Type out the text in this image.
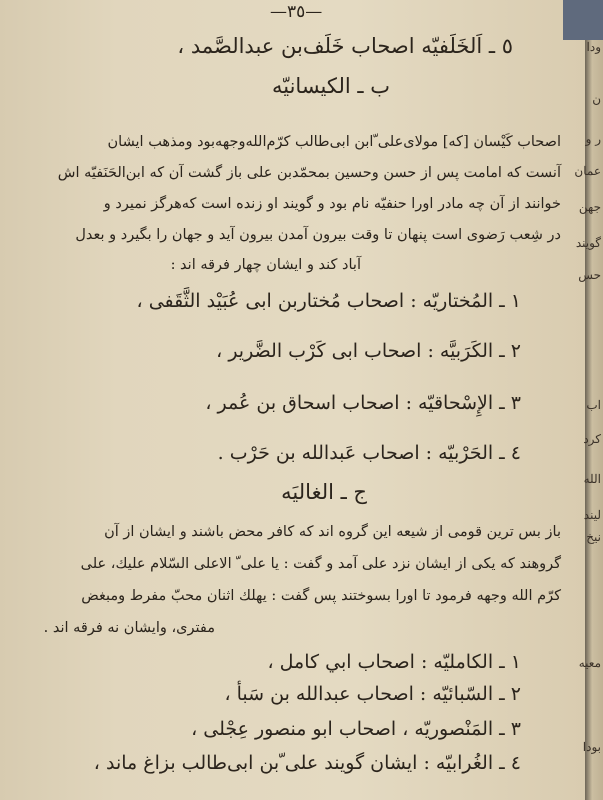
—٣٥—
٥ ـ اَلخَلَفيّه اصحاب خَلَف‌بن عبدالصَّمد ،
ب ـ الكيسانيّه
اصحاب كَيْسان [كه] مولاى‌على ّابن ابى‌طالب كرّم‌الله‌وجهه‌بود ومذهب ايشان
آنست كه امامت پس از حسن وحسين بمحمّدبن على باز گشت آن كه ابن‌الحَنَفيّه اش
خوانند از آن چه مادر اورا حنفيّه نام بود و گويند او زنده است كه‌هرگز نميرد و
در شِعب رَضوى است پنهان تا وقت بيرون آمدن بيرون آيد و جهان را بگيرد و بعدل
آباد كند و ايشان چهار فرقه اند :
١ ـ المُختاريّه : اصحاب مُختاربن ابى عُبَيْد الثَّقَفى ،
٢ ـ الكَرَبيَّه : اصحاب ابى كَرْب الضَّرير ،
٣ ـ الإِسْحاقيّه : اصحاب اسحاق بن عُمر ،
٤ ـ الحَرْبيّه : اصحاب عَبدالله بن حَرْب .
ج ـ الغاليَه
باز بس ترين قومى از شيعه اين گروه اند كه كافر محض باشند و ايشان از آن
گروهند كه يكى از ايشان نزد على آمد و گفت : يا على ّ الاعلى السّلام عليك، على
كرّم الله وجهه فرمود تا اورا بسوختند پس گفت : يهلك اثنان محبّ مفرط ومبغض
مفترى، وايشان نه فرقه اند .
١ ـ الكامليّه : اصحاب ابي كامل ،
٢ ـ السّبائيّه : اصحاب عبدالله بن سَبأ ،
٣ ـ المَنْصوريّه ، اصحاب ابو منصور عِجْلى ،
٤ ـ الغُرابيّه : ايشان گويند على ّبن ابى‌طالب بزاغ ماند ،
ودا
ن
ر و
عمان
جهن
گويند
حس
اب
كرد
الله
ليند
نيخ
معيه
بودا
